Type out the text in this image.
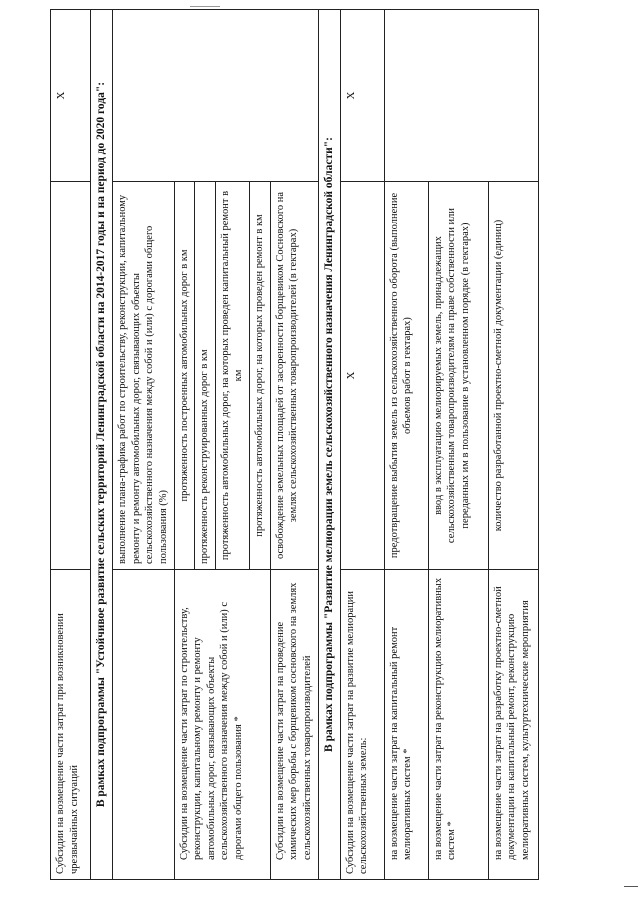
Субсидии на возмещение части затрат при возникновении чрезвычайных ситуаций		X
В рамках подпрограммы "Устойчивое развитие сельских территорий Ленинградской области на 2014-2017 годы и на период до 2020 года":		
	выполнение плана-графика работ по строительству, реконструкции, капитальному ремонту и ремонту автомобильных дорог, связывающих объекты сельскохозяйственного назначения между собой и (или) с дорогами общего пользования (%)	

Субсидии на возмещение части затрат по строительству, реконструкции, капитальному ремонту и ремонту автомобильных дорог, связывающих объекты сельскохозяйственного назначения между собой и (или) с дорогами общего пользования *	протяженность построенных автомобильных дорог в км	
	протяженность реконструированных дорог в км	
	протяженность автомобильных дорог, на которых проведен капитальный ремонт в км	
	протяженность автомобильных дорог, на которых проведен ремонт в км	

Субсидии на возмещение части затрат на проведение химических мер борьбы с борщевиком сосновского на землях сельскохозяйственных товаропроизводителей	освобождение земельных площадей от засоренности борщевиком Сосновского на землях сельскохозяйственных товаропроизводителей (в гектарах)	
В рамках подпрограммы "Развитие мелиорации земель сельскохозяйственного назначения Ленинградской области":		
Субсидии на возмещение части затрат на развитие мелиорации сельскохозяйственных земель:	X	X

на возмещение части затрат на капитальный ремонт мелиоративных систем *	предотвращение выбытия земель из сельскохозяйственного оборота (выполнение объемов работ в гектарах)	

на возмещение части затрат на реконструкцию мелиоративных систем *	ввод в эксплуатацию мелиорируемых земель, принадлежащих сельскохозяйственным товаропроизводителям на праве собственности или переданных им в пользование в установленном порядке (в гектарах)	

на возмещение части затрат на разработку проектно-сметной документации на капитальный ремонт, реконструкцию мелиоративных систем, культуртехнические мероприятия	количество разработанной проектно-сметной документации (единиц)	
